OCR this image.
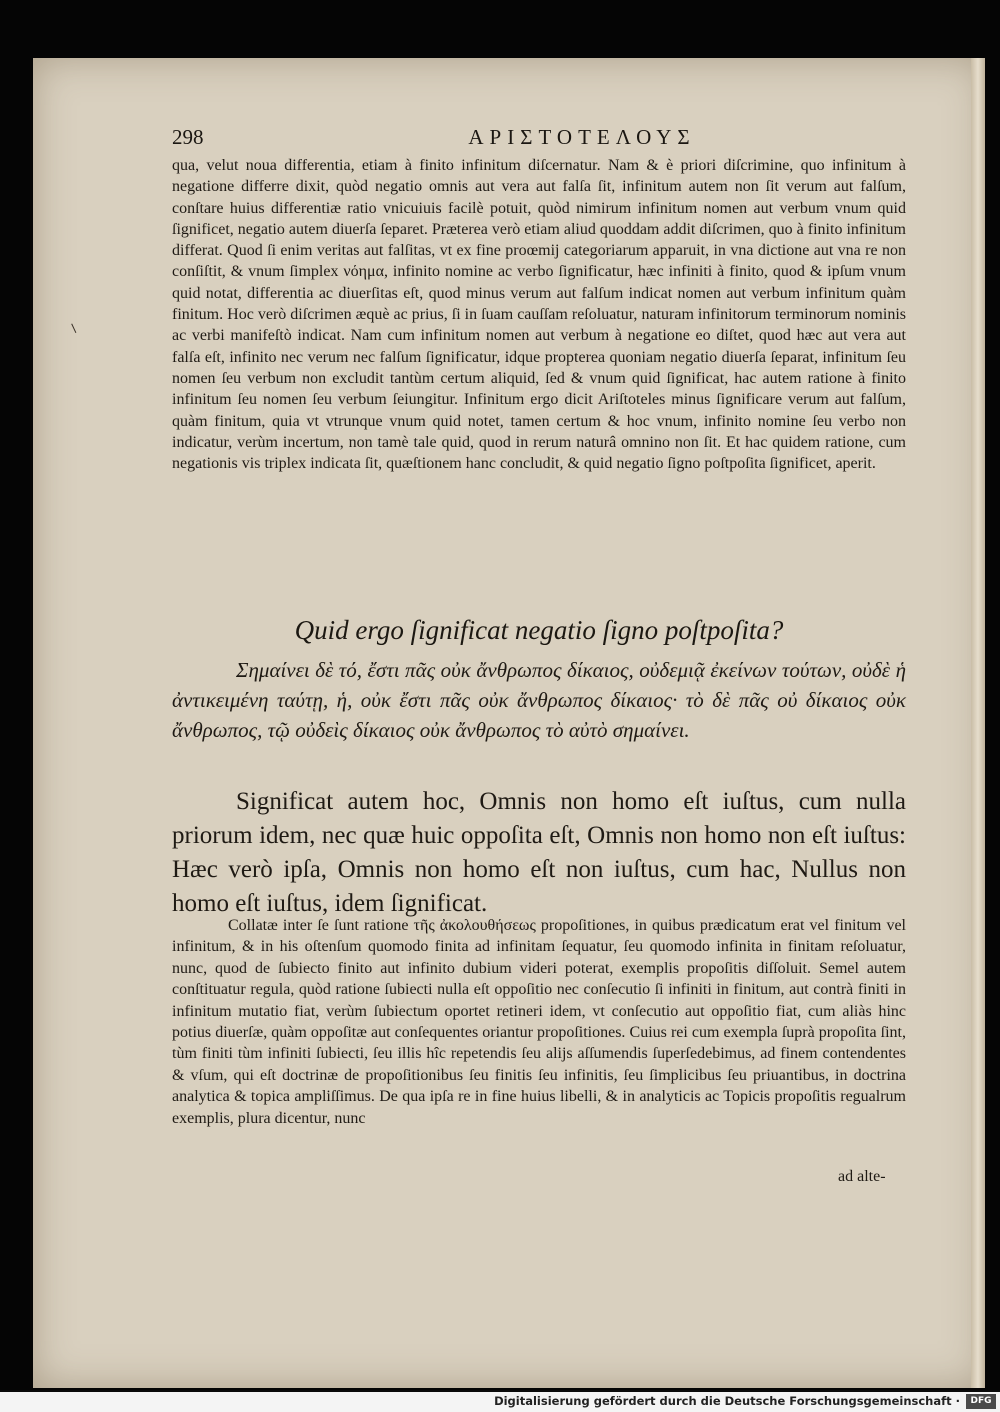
298	ΑΡΙΣΤΟΤΕΛΟΥΣ

qua, velut noua differentia, etiam à finito infinitum diſcernatur. Nam & è priori diſcrimine, quo infinitum à negatione differre dixit, quòd negatio omnis aut vera aut falſa ſit, infinitum autem non ſit verum aut falſum, conſtare huius differentiæ ratio vnicuiuis facilè potuit, quòd nimirum infinitum nomen aut verbum vnum quid ſignificet, negatio autem diuerſa ſeparet. Præterea verò etiam aliud quoddam addit diſcrimen, quo à finito infinitum differat. Quod ſi enim veritas aut falſitas, vt ex fine proœmij categoriarum apparuit, in vna dictione aut vna re non conſiſtit, & vnum ſimplex νόημα, infinito nomine ac verbo ſignificatur, hæc infiniti à finito, quod & ipſum vnum quid notat, differentia ac diuerſitas eſt, quod minus verum aut falſum indicat nomen aut verbum infinitum quàm finitum. Hoc verò diſcrimen æquè ac prius, ſi in ſuam cauſſam reſoluatur, naturam infinitorum terminorum nominis ac verbi manifeſtò indicat. Nam cum infinitum nomen aut verbum à negatione eo diſtet, quod hæc aut vera aut falſa eſt, infinito nec verum nec falſum ſignificatur, idque propterea quoniam negatio diuerſa ſeparat, infinitum ſeu nomen ſeu verbum non excludit tantùm certum aliquid, ſed & vnum quid ſignificat, hac autem ratione à finito infinitum ſeu nomen ſeu verbum ſeiungitur. Infinitum ergo dicit Ariſtoteles minus ſignificare verum aut falſum, quàm finitum, quia vt vtrunque vnum quid notet, tamen certum & hoc vnum, infinito nomine ſeu verbo non indicatur, verùm incertum, non tamè tale quid, quod in rerum naturâ omnino non ſit. Et hac quidem ratione, cum negationis vis triplex indicata ſit, quæſtionem hanc concludit, & quid negatio ſigno poſtpoſita ſignificet, aperit.

Quid ergo ſignificat negatio ſigno poſtpoſita?
Σημαίνει δὲ τό, ἔστι πᾶς οὐκ ἄνθρωπος δίκαιος, οὐδεμιᾷ ἐκείνων τούτων, οὐδὲ ἡ ἀντικειμένη ταύτῃ, ἡ, οὐκ ἔστι πᾶς οὐκ ἄνθρωπος δίκαιος· τὸ δὲ πᾶς οὐ δίκαιος οὐκ ἄνθρωπος, τῷ οὐδεὶς δίκαιος οὐκ ἄνθρωπος τὸ αὐτὸ σημαίνει.
Significat autem hoc, Omnis non homo eſt iuſtus, cum nulla priorum idem, nec quæ huic oppoſita eſt, Omnis non homo non eſt iuſtus: Hæc verò ipſa, Omnis non homo eſt non iuſtus, cum hac, Nullus non homo eſt iuſtus, idem ſignificat.
Collatæ inter ſe ſunt ratione τῆς ἀκολουθήσεως propoſitiones, in quibus prædicatum erat vel finitum vel infinitum, & in his oſtenſum quomodo finita ad infinitam ſequatur, ſeu quomodo infinita in finitam reſoluatur, nunc, quod de ſubiecto finito aut infinito dubium videri poterat, exemplis propoſitis diſſoluit. Semel autem conſtituatur regula, quòd ratione ſubiecti nulla eſt oppoſitio nec conſecutio ſi infiniti in finitum, aut contrà finiti in infinitum mutatio fiat, verùm ſubiectum oportet retineri idem, vt conſecutio aut oppoſitio fiat, cum aliàs hinc potius diuerſæ, quàm oppoſitæ aut conſequentes oriantur propoſitiones. Cuius rei cum exempla ſuprà propoſita ſint, tùm finiti tùm infiniti ſubiecti, ſeu illis hîc repetendis ſeu alijs aſſumendis ſuperſedebimus, ad finem contendentes & vſum, qui eſt doctrinæ de propoſitionibus ſeu finitis ſeu infinitis, ſeu ſimplicibus ſeu priuantibus, in doctrina analytica & topica ampliſſimus. De qua ipſa re in fine huius libelli, & in analyticis ac Topicis propoſitis regualrum exemplis, plura dicentur, nunc
ad alte-
Digitalisierung gefördert durch die Deutsche Forschungsgemeinschaft ·	DFG
